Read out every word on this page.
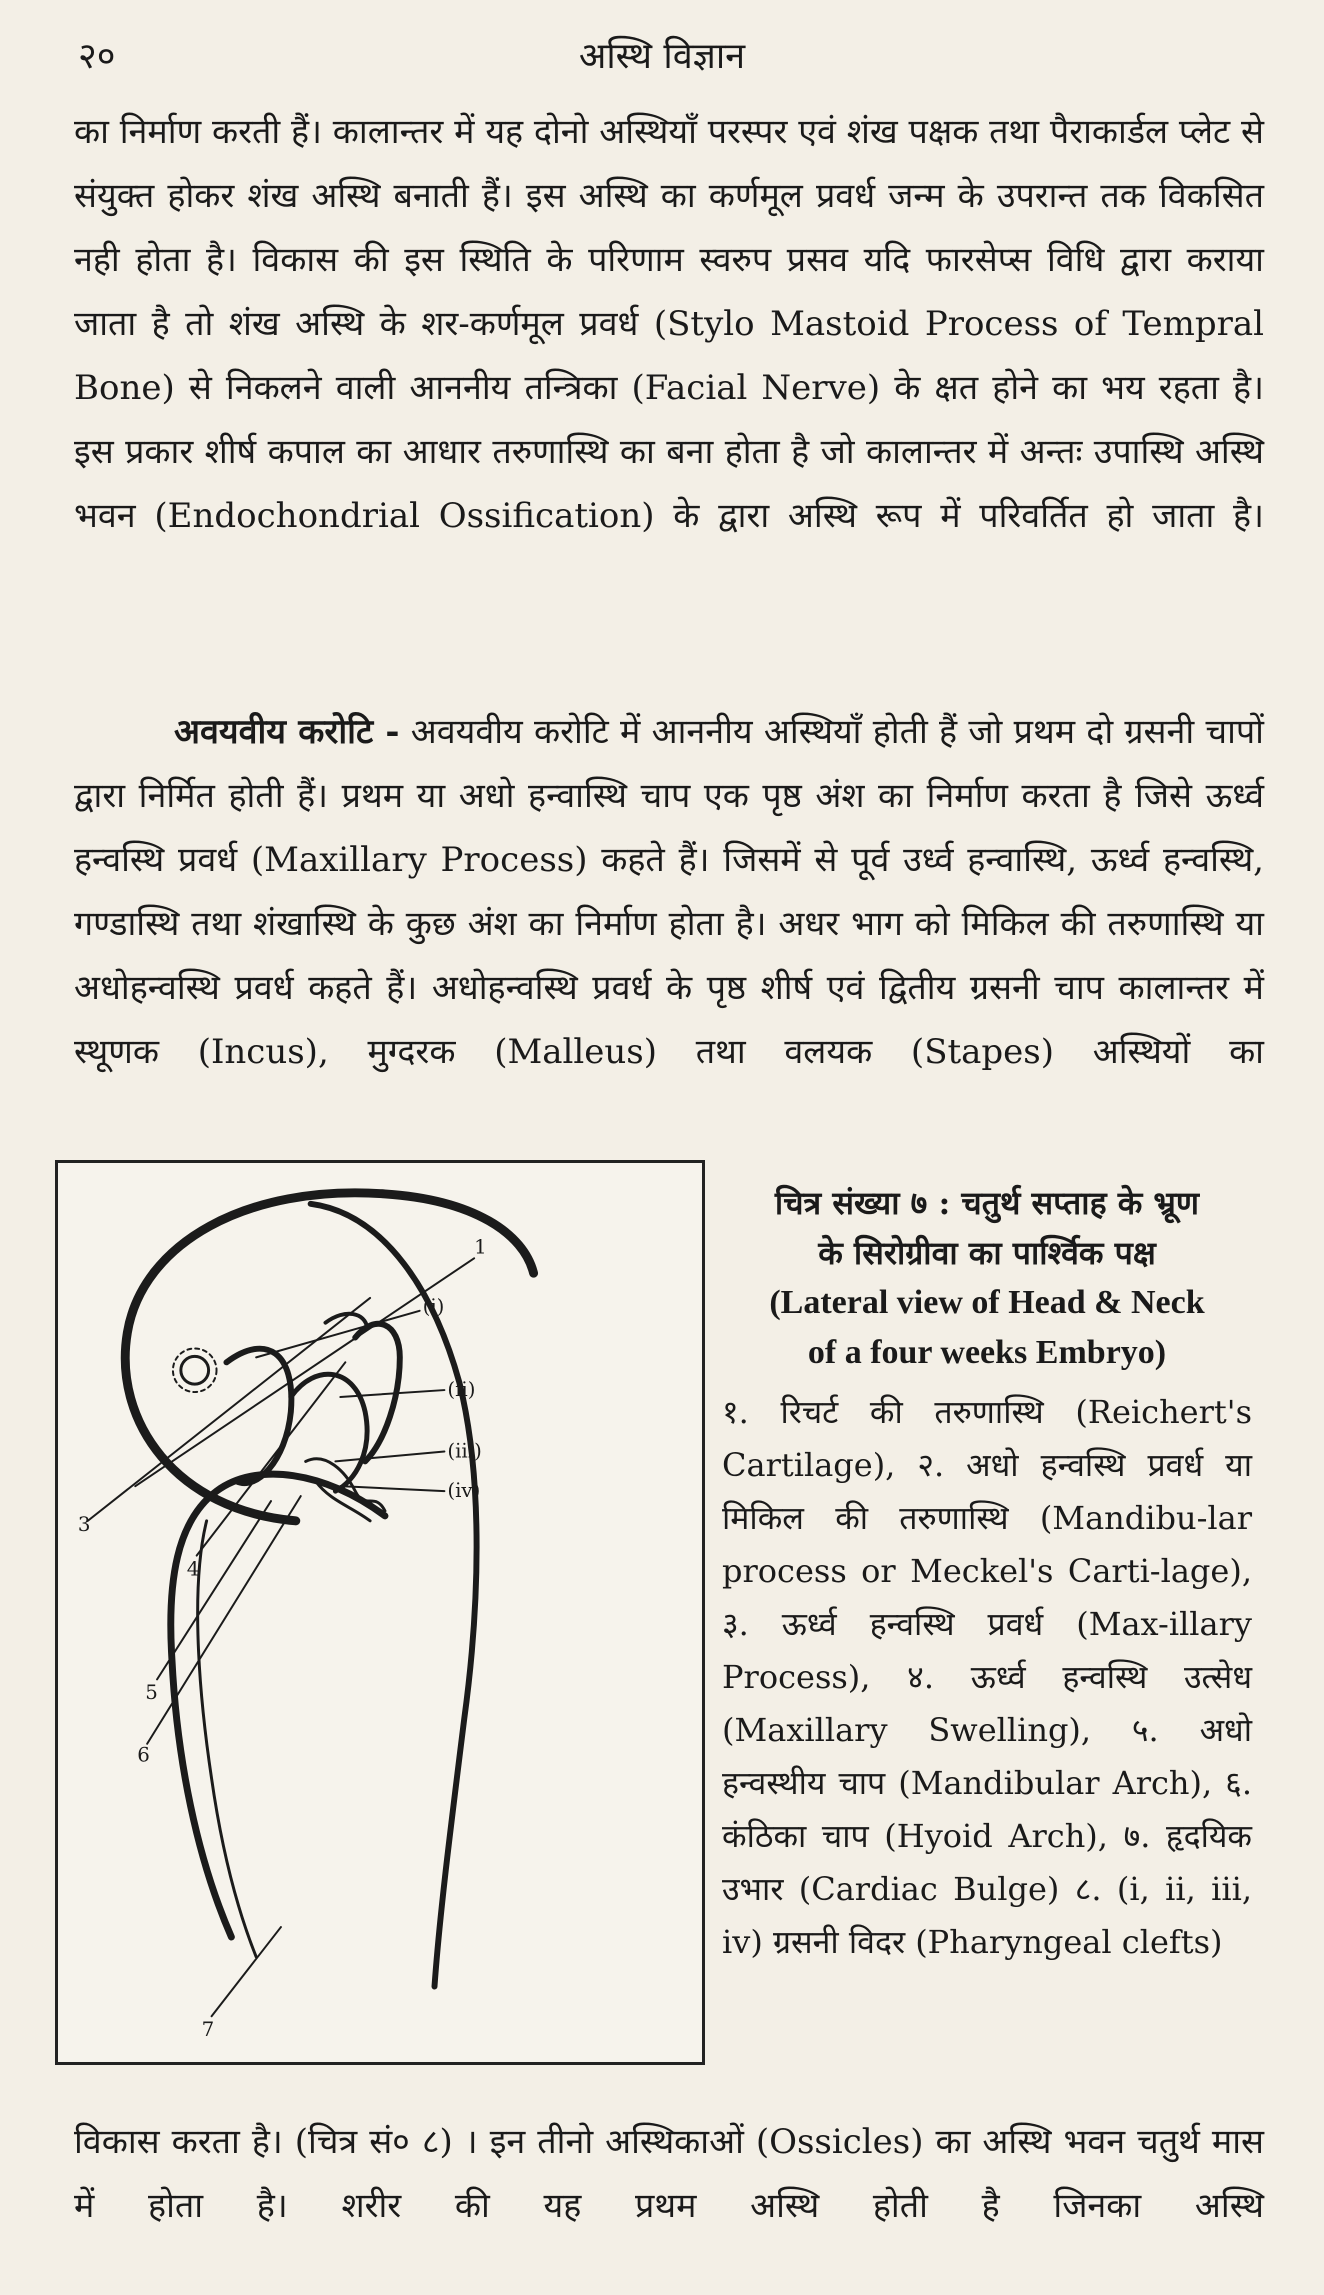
२०	अस्थि विज्ञान
का निर्माण करती हैं। कालान्तर में यह दोनो अस्थियाँ परस्पर एवं शंख पक्षक तथा पैराकार्डल प्लेट से संयुक्त होकर शंख अस्थि बनाती हैं। इस अस्थि का कर्णमूल प्रवर्ध जन्म के उपरान्त तक विकसित नही होता है। विकास की इस स्थिति के परिणाम स्वरुप प्रसव यदि फारसेप्स विधि द्वारा कराया जाता है तो शंख अस्थि के शर-कर्णमूल प्रवर्ध (Stylo Mastoid Process of Tempral Bone) से निकलने वाली आननीय तन्त्रिका (Facial Nerve) के क्षत होने का भय रहता है। इस प्रकार शीर्ष कपाल का आधार तरुणास्थि का बना होता है जो कालान्तर में अन्तः उपास्थि अस्थि भवन (Endochondrial Ossification) के द्वारा अस्थि रूप में परिवर्तित हो जाता है।
अवयवीय करोटि - अवयवीय करोटि में आननीय अस्थियाँ होती हैं जो प्रथम दो ग्रसनी चापों द्वारा निर्मित होती हैं। प्रथम या अधो हन्वास्थि चाप एक पृष्ठ अंश का निर्माण करता है जिसे ऊर्ध्व हन्वस्थि प्रवर्ध (Maxillary Process) कहते हैं। जिसमें से पूर्व उर्ध्व हन्वास्थि, ऊर्ध्व हन्वस्थि, गण्डास्थि तथा शंखास्थि के कुछ अंश का निर्माण होता है। अधर भाग को मिकिल की तरुणास्थि या अधोहन्वस्थि प्रवर्ध कहते हैं। अधोहन्वस्थि प्रवर्ध के पृष्ठ शीर्ष एवं द्वितीय ग्रसनी चाप कालान्तर में स्थूणक (Incus), मुग्दरक (Malleus) तथा वलयक (Stapes) अस्थियों का
1
3
4
5
6
7
(i)
(ii)
(iii)
(iv)
चित्र संख्या ७ : चतुर्थ सप्ताह के भ्रूण
के सिरोग्रीवा का पार्श्विक पक्ष
(Lateral view of Head & Neck
of a four weeks Embryo)
१. रिचर्ट की तरुणास्थि (Reichert's Cartilage), २. अधो हन्वस्थि प्रवर्ध या मिकिल की तरुणास्थि (Mandibu-lar process or Meckel's Carti-lage), ३. ऊर्ध्व हन्वस्थि प्रवर्ध (Max-illary Process), ४. ऊर्ध्व हन्वस्थि उत्सेध (Maxillary Swelling), ५. अधो हन्वस्थीय चाप (Mandibular Arch), ६. कंठिका चाप (Hyoid Arch), ७. हृदयिक उभार (Cardiac Bulge) ८. (i, ii, iii, iv) ग्रसनी विदर (Pharyngeal clefts)
विकास करता है। (चित्र सं० ८) । इन तीनो अस्थिकाओं (Ossicles) का अस्थि भवन चतुर्थ मास में होता है। शरीर की यह प्रथम अस्थि होती है जिनका अस्थि
